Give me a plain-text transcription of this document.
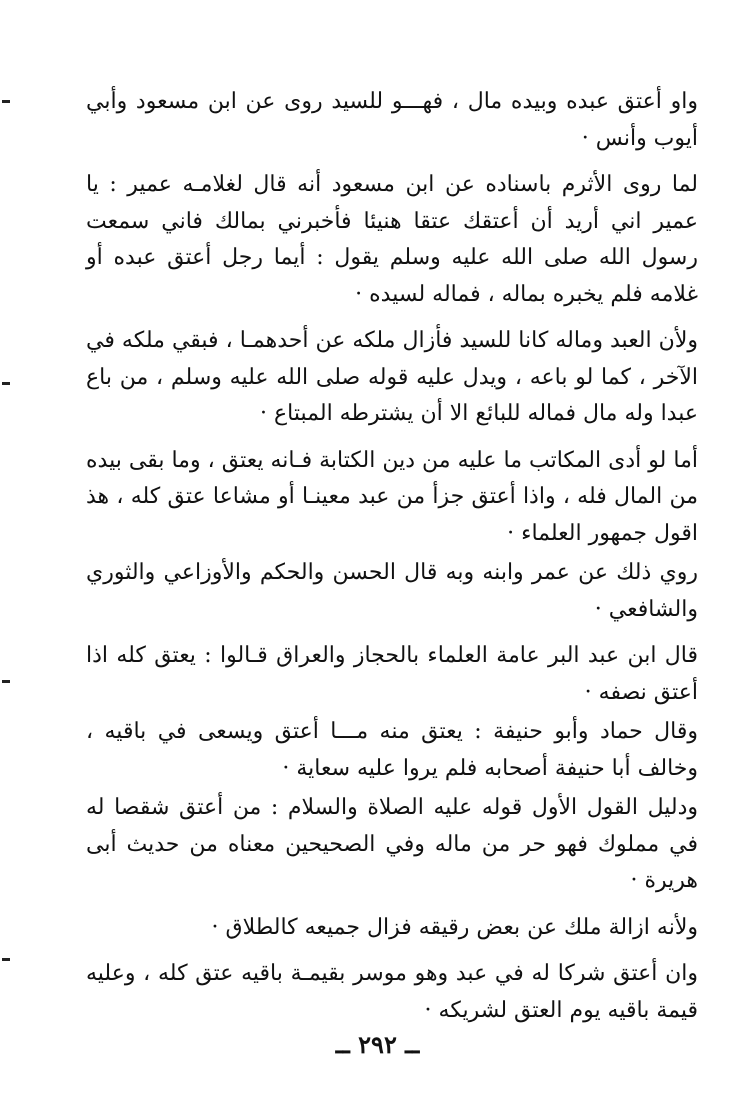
واو أعتق عبده وبيده مال ، فهـــو للسيد روى عن ابن مسعود وأبي أيوب وأنس ·

لما روى الأثرم باسناده عن ابن مسعود أنه قال لغلامـه عمير : يا عمير اني أريد أن أعتقك عتقا هنيئا فأخبرني بمالك فاني سمعت رسول الله صلى الله عليه وسلم يقول : أيما رجل أعتق عبده أو غلامه فلم يخبره بماله ، فماله لسيده ·

ولأن العبد وماله كانا للسيد فأزال ملكه عن أحدهمـا ، فبقي ملكه في الآخر ، كما لو باعه ، ويدل عليه قوله صلى الله عليه وسلم ، من باع عبدا وله مال فماله للبائع الا أن يشترطه المبتاع ·

أما لو أدى المكاتب ما عليه من دين الكتابة فـانه يعتق ، وما بقى بيده من المال فله ، واذا أعتق جزأ من عبد معينـا أو مشاعا عتق كله ، هذ اقول جمهور العلماء ·

روي ذلك عن عمر وابنه وبه قال الحسن والحكم والأوزاعي والثوري والشافعي ·

قال ابن عبد البر عامة العلماء بالحجاز والعراق قـالوا : يعتق كله اذا أعتق نصفه ·

وقال حماد وأبو حنيفة : يعتق منه مـــا أعتق ويسعى في باقيه ، وخالف أبا حنيفة أصحابه فلم يروا عليه سعاية ·

ودليل القول الأول قوله عليه الصلاة والسلام : من أعتق شقصا له في مملوك فهو حر من ماله وفي الصحيحين معناه من حديث أبى هريرة ·

ولأنه ازالة ملك عن بعض رقيقه فزال جميعه كالطلاق ·

وان أعتق شركا له في عبد وهو موسر بقيمـة باقيه عتق كله ، وعليه قيمة باقيه يوم العتق لشريكه ·

ــ ٢٩٢ ــ
